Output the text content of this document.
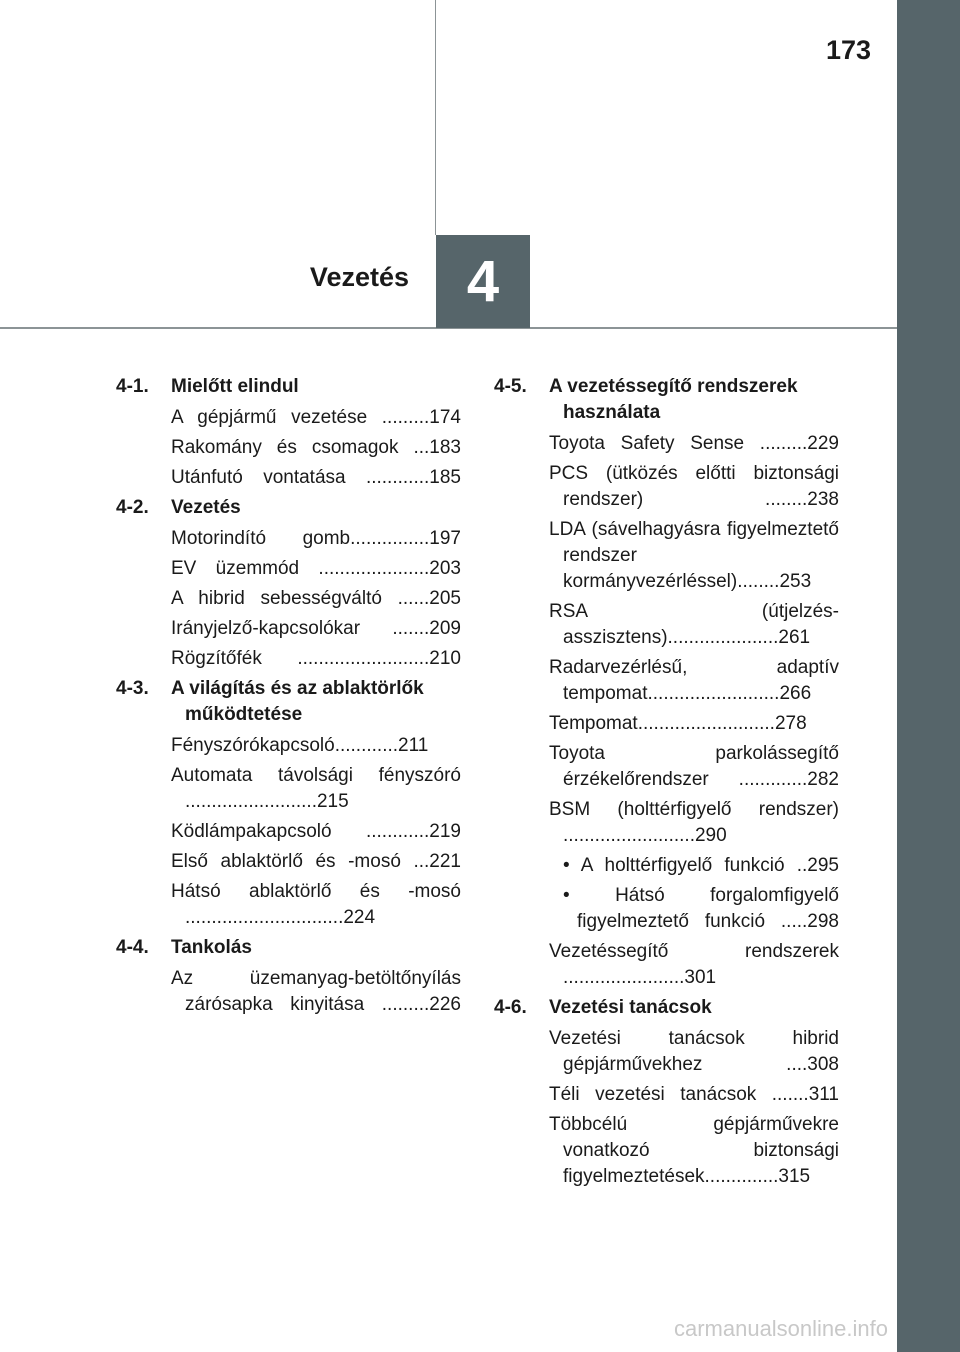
173
Vezetés 4
4-1.	Mielőtt elindul
A gépjármű vezetése .........174
Rakomány és csomagok ...183
Utánfutó vontatása ............185
4-2.	Vezetés
Motorindító gomb...............197
EV üzemmód .....................203
A hibrid sebességváltó ......205
Irányjelző-kapcsolókar .......209
Rögzítőfék .........................210
4-3.	A világítás és az ablaktörlők működtetése
Fényszórókapcsoló............211
Automata távolsági fényszóró .........................215
Ködlámpakapcsoló ............219
Első ablaktörlő és -mosó ...221
Hátsó ablaktörlő és -mosó ..............................224
4-4.	Tankolás
Az üzemanyag-betöltőnyílás zárósapka kinyitása .........226
4-5.	A vezetéssegítő rendszerek használata
Toyota Safety Sense .........229
PCS (ütközés előtti biztonsági rendszer) ........238
LDA (sávelhagyásra figyelmeztető rendszer kormányvezérléssel)........253
RSA (útjelzés-asszisztens).....................261
Radarvezérlésű, adaptív tempomat.........................266
Tempomat..........................278
Toyota parkolássegítő érzékelőrendszer .............282
BSM (holttérfigyelő rendszer) .........................290
• A holttérfigyelő funkció ..295
• Hátsó forgalomfigyelő figyelmeztető funkció .....298
Vezetéssegítő rendszerek .......................301
4-6.	Vezetési tanácsok
Vezetési tanácsok hibrid gépjárművekhez ....308
Téli vezetési tanácsok .......311
Többcélú gépjárművekre vonatkozó biztonsági figyelmeztetések..............315
carmanualsonline.info
